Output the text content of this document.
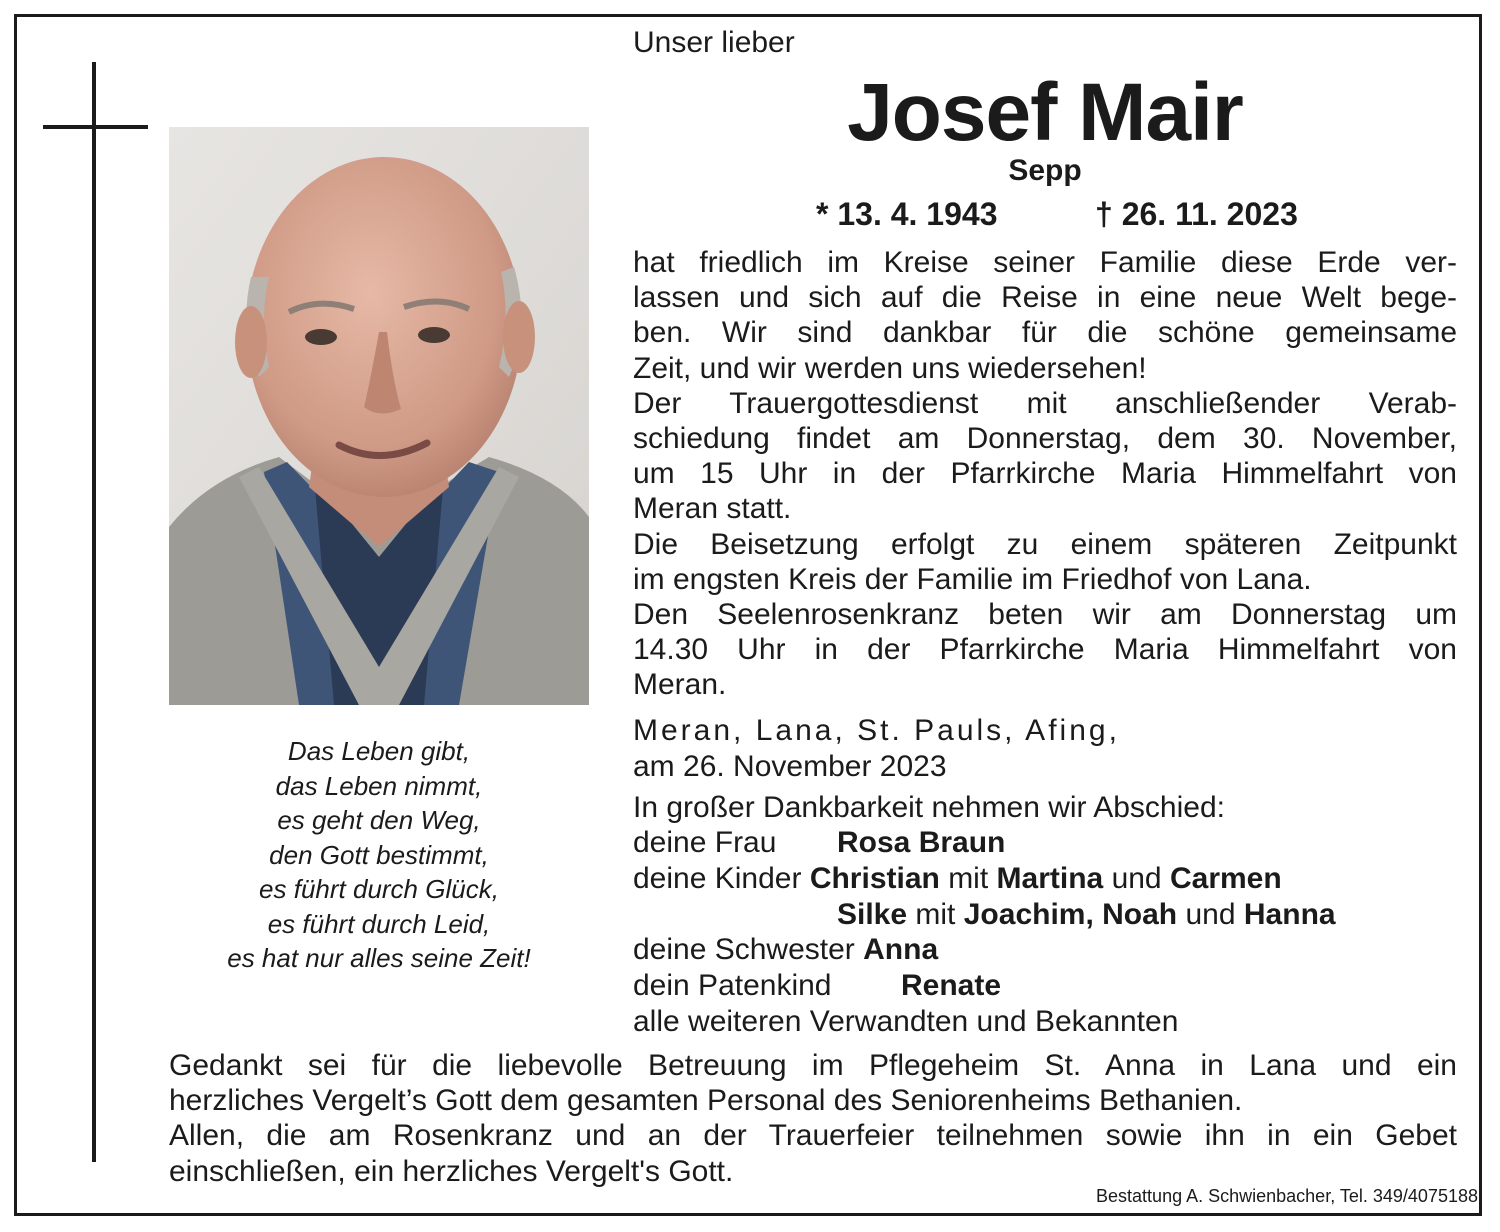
Das Leben gibt,
das Leben nimmt,
es geht den Weg,
den Gott bestimmt,
es führt durch Glück,
es führt durch Leid,
es hat nur alles seine Zeit!
Unser lieber
Josef Mair
Sepp
* 13. 4. 1943	† 26. 11. 2023
hat friedlich im Kreise seiner Familie diese Erde ver-
lassen und sich auf die Reise in eine neue Welt bege-
ben. Wir sind dankbar für die schöne gemeinsame
Zeit, und wir werden uns wiedersehen!
Der Trauergottesdienst mit anschließender Verab-
schiedung findet am Donnerstag, dem 30. November,
um 15 Uhr in der Pfarrkirche Maria Himmelfahrt von
Meran statt.
Die Beisetzung erfolgt zu einem späteren Zeitpunkt
im engsten Kreis der Familie im Friedhof von Lana.
Den Seelenrosenkranz beten wir am Donnerstag um
14.30 Uhr in der Pfarrkirche Maria Himmelfahrt von
Meran.
Meran, Lana, St. Pauls, Afing,
am 26. November 2023
In großer Dankbarkeit nehmen wir Abschied:
deine Frau Rosa Braun
deine Kinder Christian mit Martina und Carmen
Silke mit Joachim, Noah und Hanna
deine Schwester Anna
dein Patenkind Renate
alle weiteren Verwandten und Bekannten
Gedankt sei für die liebevolle Betreuung im Pflegeheim St. Anna in Lana und ein
herzliches Vergelt’s Gott dem gesamten Personal des Seniorenheims Bethanien.
Allen, die am Rosenkranz und an der Trauerfeier teilnehmen sowie ihn in ein Gebet
einschließen, ein herzliches Vergelt's Gott.
Bestattung A. Schwienbacher, Tel. 349/4075188
